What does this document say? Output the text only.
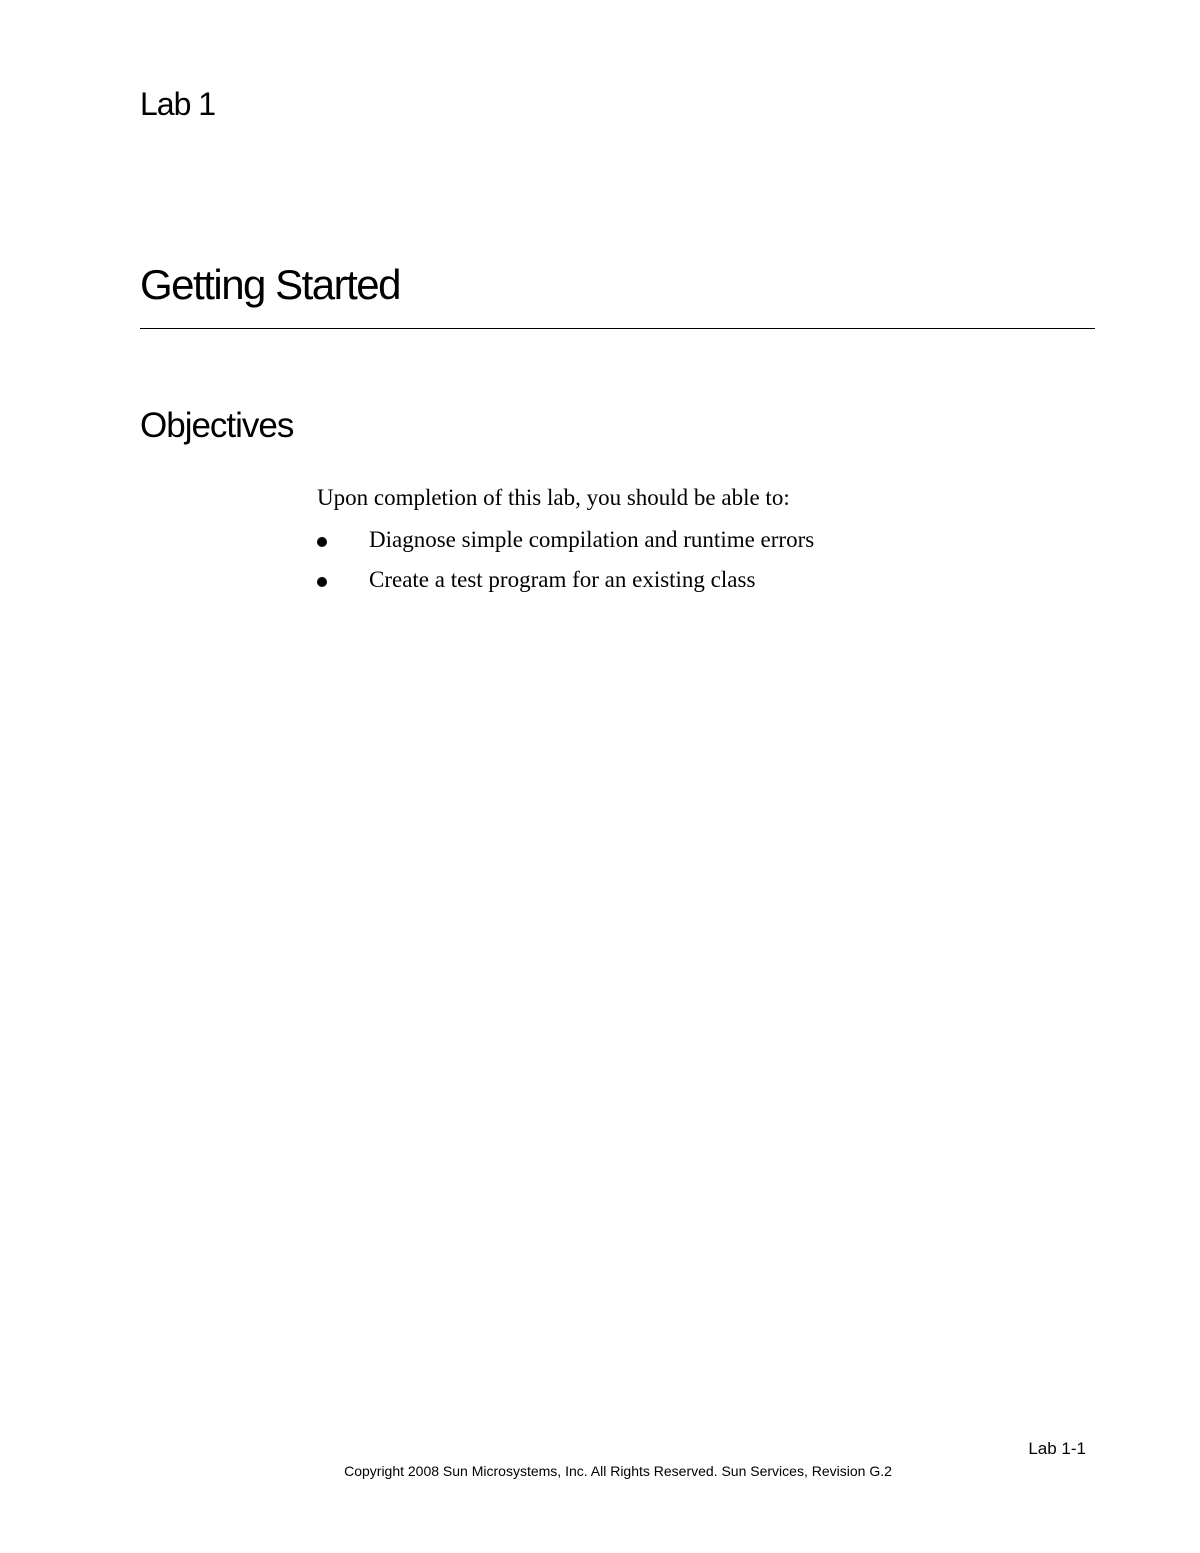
Lab 1
Getting Started
Objectives
Upon completion of this lab, you should be able to:
Diagnose simple compilation and runtime errors
Create a test program for an existing class
Lab 1-1
Copyright 2008 Sun Microsystems, Inc. All Rights Reserved. Sun Services, Revision G.2
